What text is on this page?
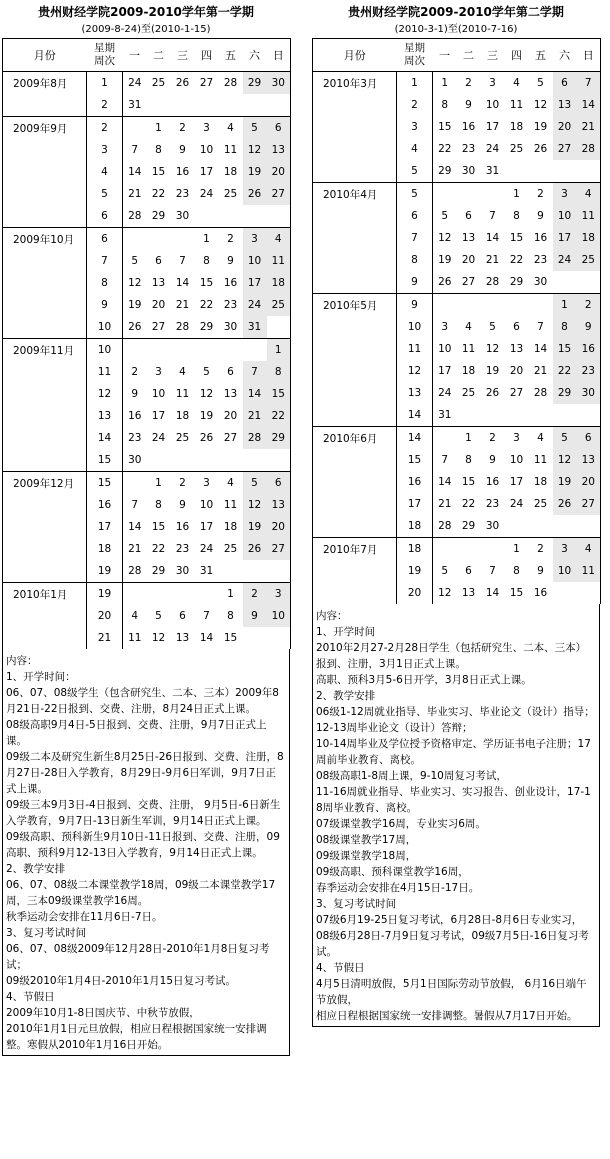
贵州财经学院2009-2010学年第一学期
(2009-8-24)至(2010-1-15)
月份	星期
周次	一	二	三	四	五	六	日
2009年8月	1	24	25	26	27	28	29	30
	2	31						
2009年9月	2		1	2	3	4	5	6
	3	7	8	9	10	11	12	13
	4	14	15	16	17	18	19	20
	5	21	22	23	24	25	26	27
	6	28	29	30				
2009年10月	6				1	2	3	4
	7	5	6	7	8	9	10	11
	8	12	13	14	15	16	17	18
	9	19	20	21	22	23	24	25
	10	26	27	28	29	30	31	
2009年11月	10							1
	11	2	3	4	5	6	7	8
	12	9	10	11	12	13	14	15
	13	16	17	18	19	20	21	22
	14	23	24	25	26	27	28	29
	15	30						
2009年12月	15		1	2	3	4	5	6
	16	7	8	9	10	11	12	13
	17	14	15	16	17	18	19	20
	18	21	22	23	24	25	26	27
	19	28	29	30	31			
2010年1月	19					1	2	3
	20	4	5	6	7	8	9	10
	21	11	12	13	14	15		
内容：
1、开学时间：
06、07、08级学生（包含研究生、二本、三本）2009年8月21日-22日报到、交费、注册，8月24日正式上课。
08级高职9月4日-5日报到、交费、注册，9月7日正式上课。
09级二本及研究生新生8月25日-26日报到、交费、注册，8月27日-28日入学教育，8月29日-9月6日军训，9月7日正式上课。
09级三本9月3日-4日报到、交费、注册， 9月5日-6日新生入学教育，9月7日-13日新生军训，9月14日正式上课。
09级高职、预科新生9月10日-11日报到、交费、注册，09高职、预科9月12-13日入学教育，9月14日正式上课。
2、教学安排
06、07、08级二本课堂教学18周，09级二本课堂教学17周，三本09级课堂教学16周。
秋季运动会安排在11月6日-7日。
3、复习考试时间
06、07、08级2009年12月28日-2010年1月8日复习考试；
09级2010年1月4日-2010年1月15日复习考试。
4、节假日
2009年10月1-8日国庆节、中秋节放假，
2010年1月1日元旦放假，相应日程根据国家统一安排调整。寒假从2010年1月16日开始。
贵州财经学院2009-2010学年第二学期
(2010-3-1)至(2010-7-16)
月份	星期
周次	一	二	三	四	五	六	日
2010年3月	1	1	2	3	4	5	6	7
	2	8	9	10	11	12	13	14
	3	15	16	17	18	19	20	21
	4	22	23	24	25	26	27	28
	5	29	30	31				
2010年4月	5				1	2	3	4
	6	5	6	7	8	9	10	11
	7	12	13	14	15	16	17	18
	8	19	20	21	22	23	24	25
	9	26	27	28	29	30		
2010年5月	9						1	2
	10	3	4	5	6	7	8	9
	11	10	11	12	13	14	15	16
	12	17	18	19	20	21	22	23
	13	24	25	26	27	28	29	30
	14	31						
2010年6月	14		1	2	3	4	5	6
	15	7	8	9	10	11	12	13
	16	14	15	16	17	18	19	20
	17	21	22	23	24	25	26	27
	18	28	29	30				
2010年7月	18				1	2	3	4
	19	5	6	7	8	9	10	11
	20	12	13	14	15	16		
内容：
1、开学时间
2010年2月27-2月28日学生（包括研究生、二本、三本）报到、注册，3月1日正式上课。
高职、预科3月5-6日开学，3月8日正式上课。
2、教学安排
06级1-12周就业指导、毕业实习、毕业论文（设计）指导；12-13周毕业论文（设计）答辩；
10-14周毕业及学位授予资格审定、学历证书电子注册；17周前毕业教育、离校。
08级高职1-8周上课，9-10周复习考试，
11-16周就业指导、毕业实习、实习报告、创业设计，17-18周毕业教育、离校。
07级课堂教学16周，专业实习6周。
08级课堂教学17周，
09级课堂教学18周，
09级高职、预科课堂教学16周，
春季运动会安排在4月15日-17日。
3、复习考试时间
07级6月19-25日复习考试，6月28日-8月6日专业实习，
08级6月28日-7月9日复习考试，09级7月5日-16日复习考试。
4、节假日
4月5日清明放假，5月1日国际劳动节放假， 6月16日端午节放假，
相应日程根据国家统一安排调整。暑假从7月17日开始。
